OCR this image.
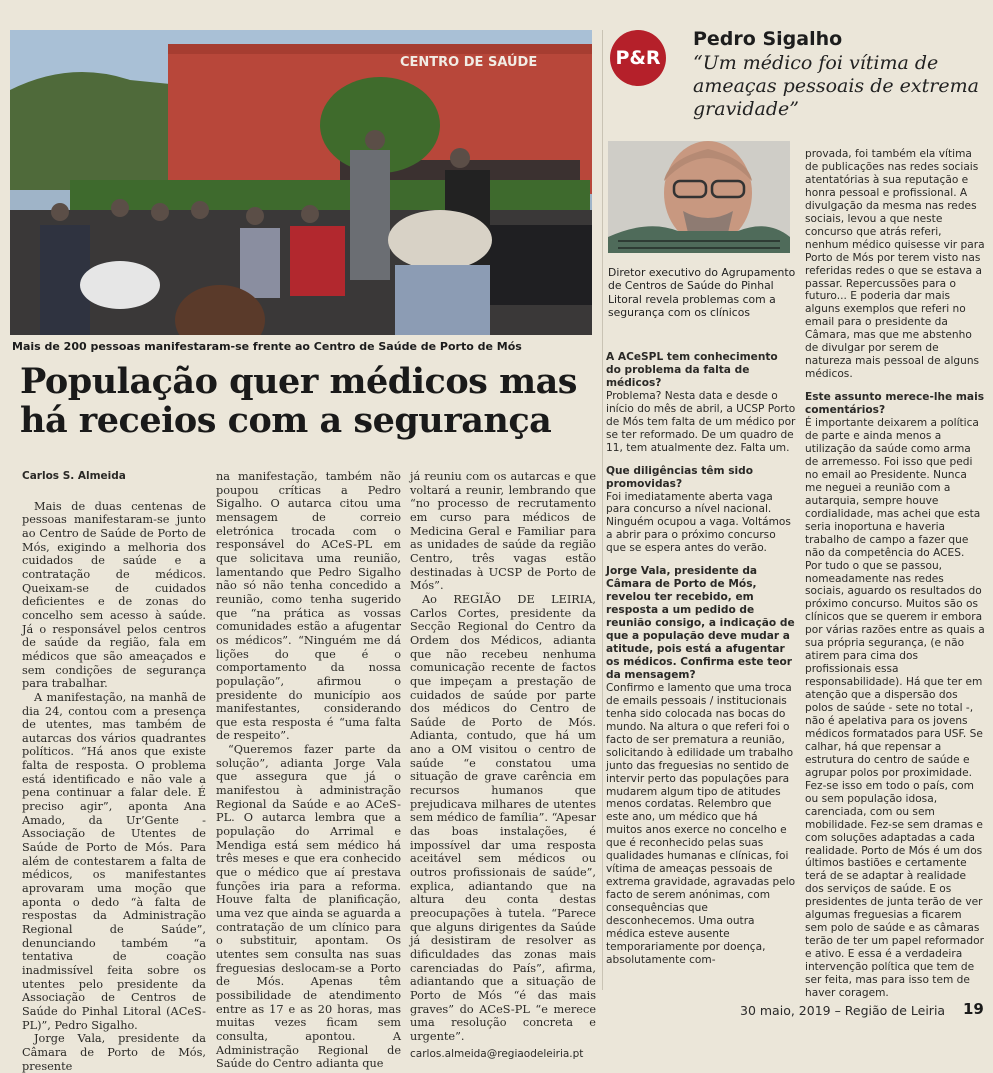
CENTRO DE SAÚDE
Mais de 200 pessoas manifestaram-se frente ao Centro de Saúde de Porto de Mós
População quer médicos mas há receios com a segurança
Carlos S. Almeida

Mais de duas centenas de pessoas manifestaram-se junto ao Centro de Saúde de Porto de Mós, exigindo a melhoria dos cuidados de saúde e a contratação de médicos. Queixam-se de cuidados deficientes e de zonas do concelho sem acesso à saúde. Já o responsável pelos centros de saúde da região, fala em médicos que são ameaçados e sem condições de segurança para trabalhar.

A manifestação, na manhã de dia 24, contou com a presença de utentes, mas também de autarcas dos vários quadrantes políticos. “Há anos que existe falta de resposta. O problema está identificado e não vale a pena continuar a falar dele. É preciso agir”, aponta Ana Amado, da Ur’Gente - Associação de Utentes de Saúde de Porto de Mós. Para além de contestarem a falta de médicos, os manifestantes aprovaram uma moção que aponta o dedo “à falta de respostas da Administração Regional de Saúde”, denunciando também “a tentativa de coação inadmissível feita sobre os utentes pelo presidente da Associação de Centros de Saúde do Pinhal Litoral (ACeS-PL)”, Pedro Sigalho.

Jorge Vala, presidente da Câmara de Porto de Mós, presente

na manifestação, também não poupou críticas a Pedro Sigalho. O autarca citou uma mensagem de correio eletrónica trocada com o responsável do ACeS-PL em que solicitava uma reunião, lamentando que Pedro Sigalho não só não tenha concedido a reunião, como tenha sugerido que “na prática as vossas comunidades estão a afugentar os médicos”. “Ninguém me dá lições do que é o comportamento da nossa população”, afirmou o presidente do município aos manifestantes, considerando que esta resposta é “uma falta de respeito”.

“Queremos fazer parte da solução”, adianta Jorge Vala que assegura que já o manifestou à administração Regional da Saúde e ao ACeS-PL. O autarca lembra que a população do Arrimal e Mendiga está sem médico há três meses e que era conhecido que o médico que aí prestava funções iria para a reforma. Houve falta de planificação, uma vez que ainda se aguarda a contratação de um clínico para o substituir, apontam. Os utentes sem consulta nas suas freguesias deslocam-se a Porto de Mós. Apenas têm possibilidade de atendimento entre as 17 e as 20 horas, mas muitas vezes ficam sem consulta, apontou. A Administração Regional de Saúde do Centro adianta que

já reuniu com os autarcas e que voltará a reunir, lembrando que “no processo de recrutamento em curso para médicos de Medicina Geral e Familiar para as unidades de saúde da região Centro, três vagas estão destinadas à UCSP de Porto de Mós”.

Ao REGIÃO DE LEIRIA, Carlos Cortes, presidente da Secção Regional do Centro da Ordem dos Médicos, adianta que não recebeu nenhuma comunicação recente de factos que impeçam a prestação de cuidados de saúde por parte dos médicos do Centro de Saúde de Porto de Mós. Adianta, contudo, que há um ano a OM visitou o centro de saúde “e constatou uma situação de grave carência em recursos humanos que prejudicava milhares de utentes sem médico de família”. “Apesar das boas instalações, é impossível dar uma resposta aceitável sem médicos ou outros profissionais de saúde”, explica, adiantando que na altura deu conta destas preocupações à tutela. “Parece que alguns dirigentes da Saúde já desistiram de resolver as dificuldades das zonas mais carenciadas do País”, afirma, adiantando que a situação de Porto de Mós “é das mais graves” do ACeS-PL “e merece uma resolução concreta e urgente”.

carlos.almeida@regiaodeleiria.pt

P&R
Pedro Sigalho
“Um médico foi vítima de ameaças pessoais de extrema gravidade”
Diretor executivo do Agrupamento de Centros de Saúde do Pinhal Litoral revela problemas com a segurança com os clínicos

A ACeSPL tem conhecimento do problema da falta de médicos?

Problema? Nesta data e desde o início do mês de abril, a UCSP Porto de Mós tem falta de um médico por se ter reformado. De um quadro de 11, tem atualmente dez. Falta um.

Que diligências têm sido promovidas?

Foi imediatamente aberta vaga para concurso a nível nacional. Ninguém ocupou a vaga. Voltámos a abrir para o próximo concurso que se espera antes do verão.

Jorge Vala, presidente da Câmara de Porto de Mós, revelou ter recebido, em resposta a um pedido de reunião consigo, a indicação de que a população deve mudar a atitude, pois está a afugentar os médicos. Confirma este teor da mensagem?

Confirmo e lamento que uma troca de emails pessoais / institucionais tenha sido colocada nas bocas do mundo. Na altura o que referi foi o facto de ser prematura a reunião, solicitando à edilidade um trabalho junto das freguesias no sentido de intervir perto das populações para mudarem algum tipo de atitudes menos cordatas. Relembro que este ano, um médico que há muitos anos exerce no concelho e que é reconhecido pelas suas qualidades humanas e clínicas, foi vítima de ameaças pessoais de extrema gravidade, agravadas pelo facto de serem anónimas, com consequências que desconhecemos. Uma outra médica esteve ausente temporariamente por doença, absolutamente com-

provada, foi também ela vítima de publicações nas redes sociais atentatórias à sua reputação e honra pessoal e profissional. A divulgação da mesma nas redes sociais, levou a que neste concurso que atrás referi, nenhum médico quisesse vir para Porto de Mós por terem visto nas referidas redes o que se estava a passar. Repercussões para o futuro... E poderia dar mais alguns exemplos que referi no email para o presidente da Câmara, mas que me abstenho de divulgar por serem de natureza mais pessoal de alguns médicos.

Este assunto merece-lhe mais comentários?

É importante deixarem a política de parte e ainda menos a utilização da saúde como arma de arremesso. Foi isso que pedi no email ao Presidente. Nunca me neguei a reunião com a autarquia, sempre houve cordialidade, mas achei que esta seria inoportuna e haveria trabalho de campo a fazer que não da competência do ACES.

Por tudo o que se passou, nomeadamente nas redes sociais, aguardo os resultados do próximo concurso. Muitos são os clínicos que se querem ir embora por várias razões entre as quais a sua própria segurança, (e não atirem para cima dos profissionais essa responsabilidade). Há que ter em atenção que a dispersão dos polos de saúde - sete no total -, não é apelativa para os jovens médicos formatados para USF. Se calhar, há que repensar a estrutura do centro de saúde e agrupar polos por proximidade. Fez-se isso em todo o país, com ou sem população idosa, carenciada, com ou sem mobilidade. Fez-se sem dramas e com soluções adaptadas a cada realidade. Porto de Mós é um dos últimos bastiões e certamente terá de se adaptar à realidade dos serviços de saúde. E os presidentes de junta terão de ver algumas freguesias a ficarem sem polo de saúde e as câmaras terão de ter um papel reformador e ativo. E essa é a verdadeira intervenção política que tem de ser feita, mas para isso tem de haver coragem.

30 maio, 2019 – Região de Leiria 19
